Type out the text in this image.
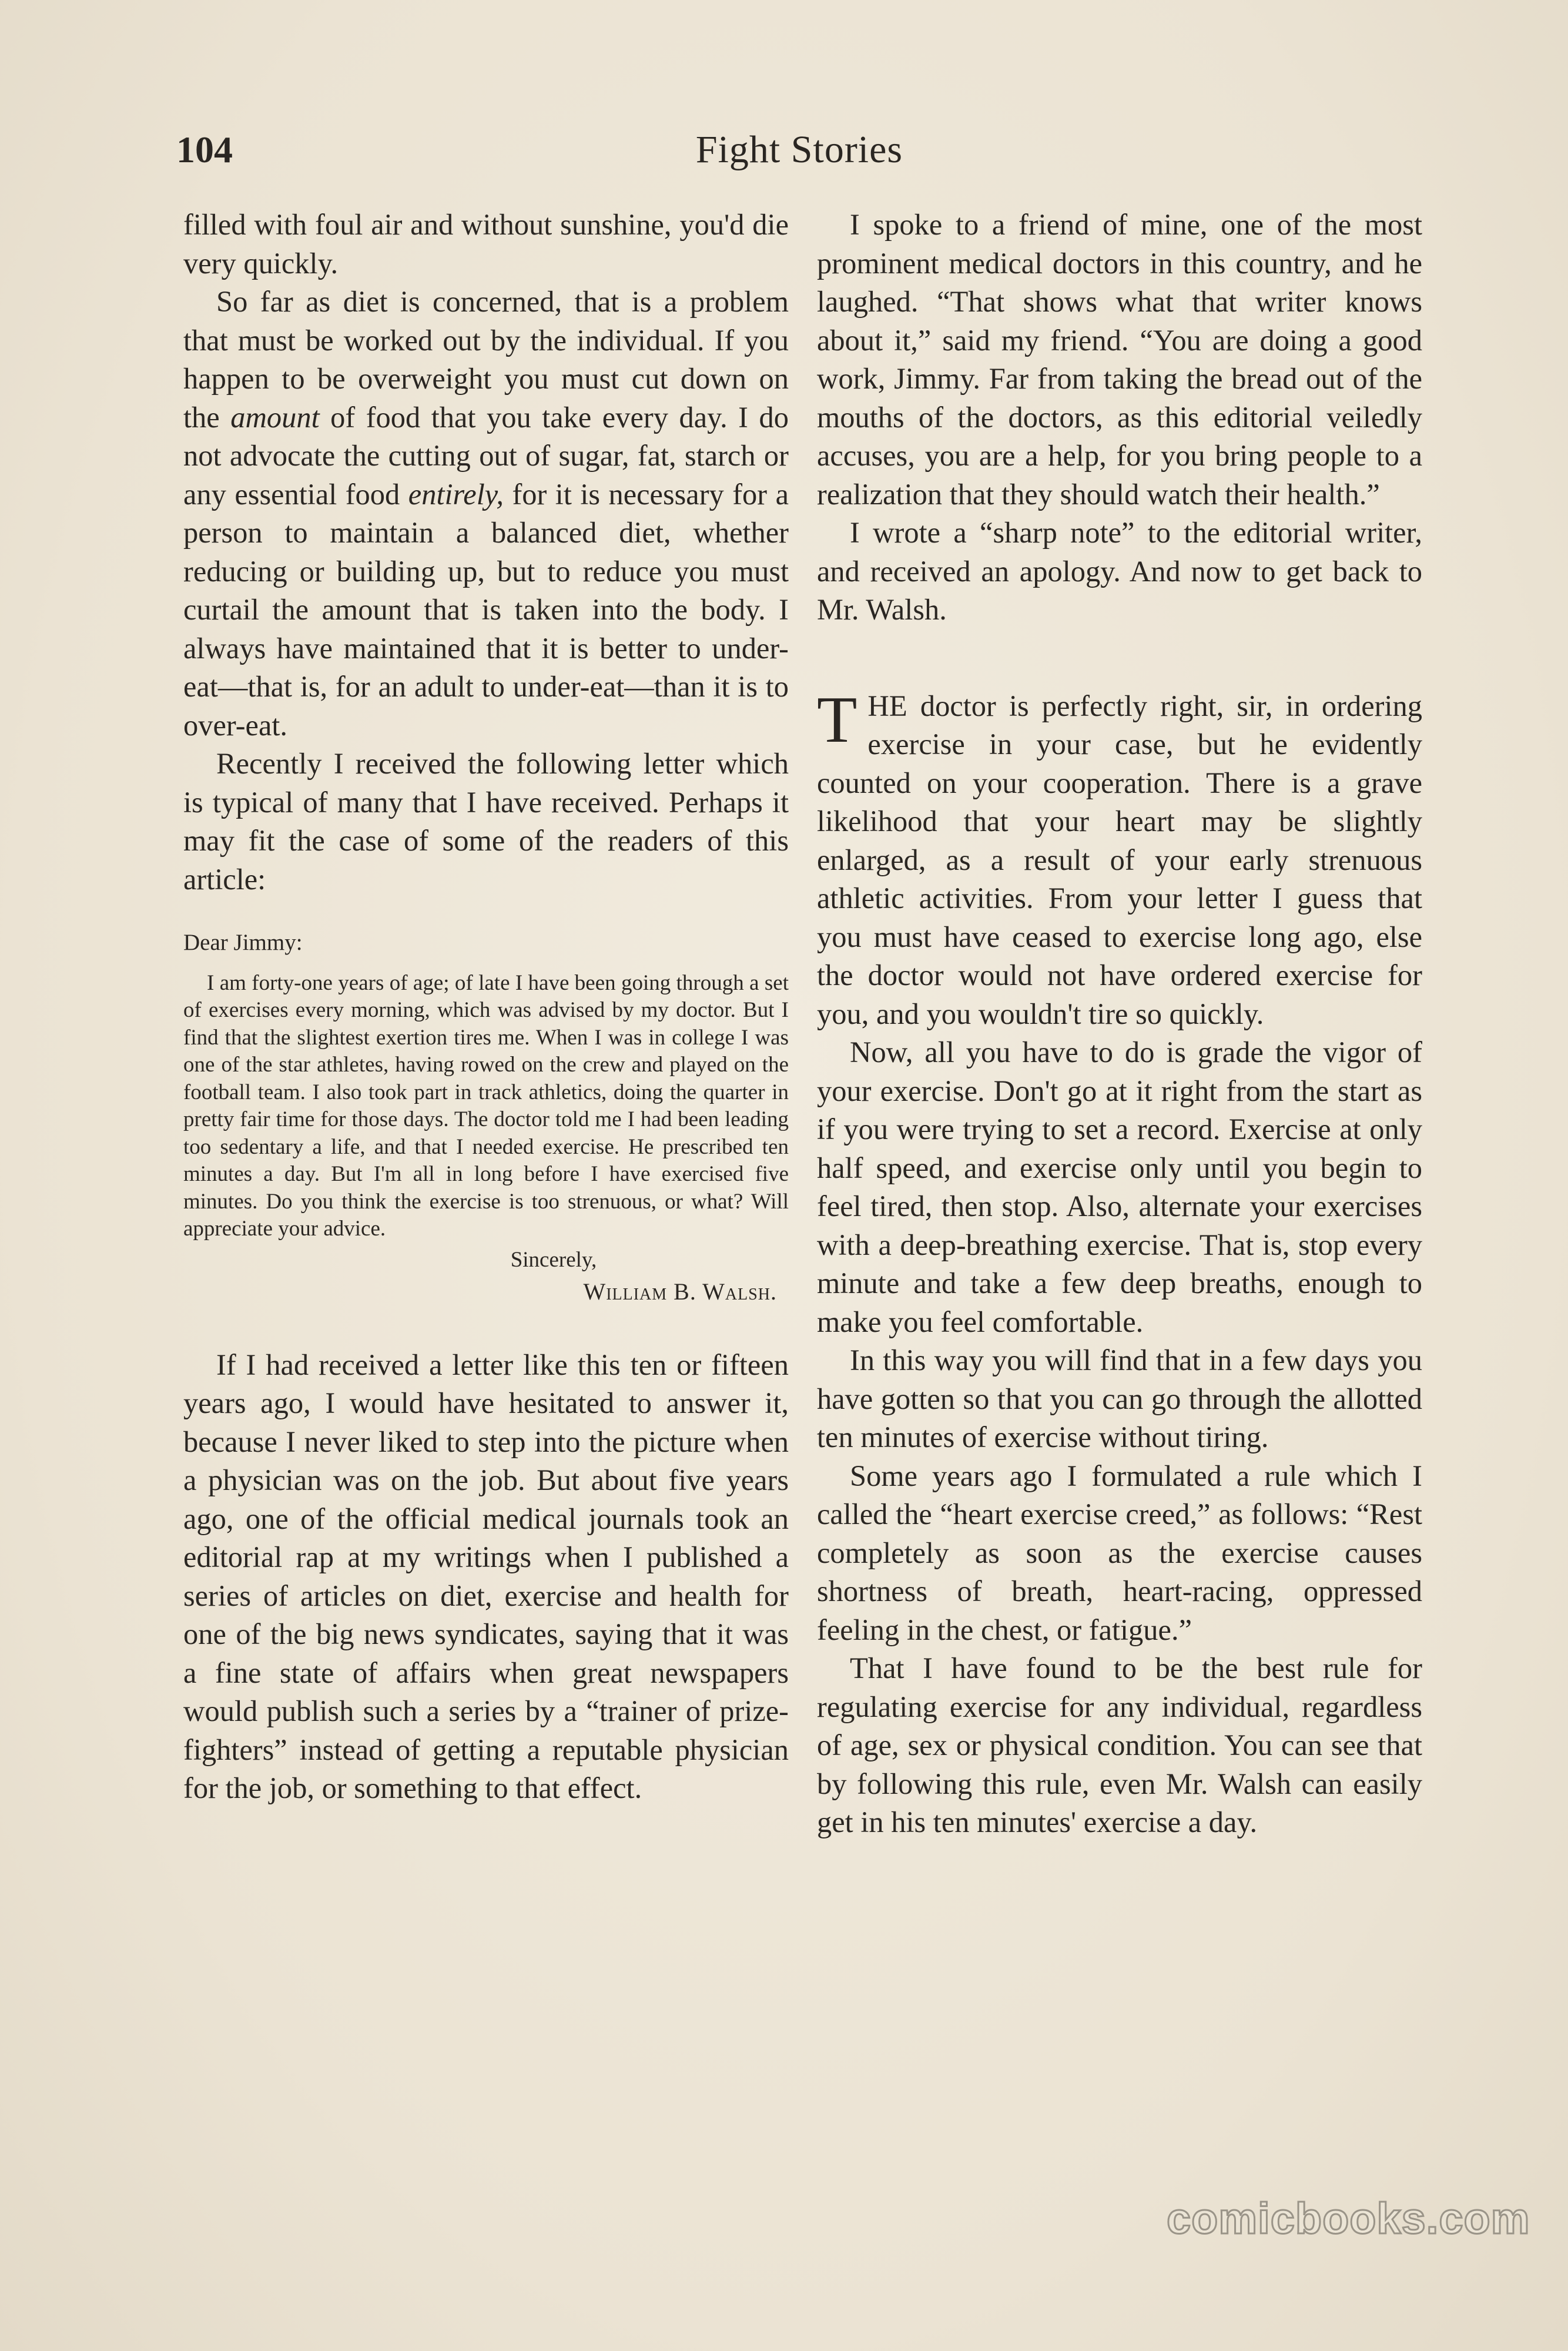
104	Fight Stories

filled with foul air and without sunshine, you'd die very quickly.

So far as diet is concerned, that is a problem that must be worked out by the individual. If you happen to be overweight you must cut down on the amount of food that you take every day. I do not advocate the cutting out of sugar, fat, starch or any essential food entirely, for it is necessary for a person to maintain a balanced diet, whether reducing or building up, but to reduce you must curtail the amount that is taken into the body. I always have maintained that it is better to under-eat—that is, for an adult to under-eat—than it is to over-eat.

Recently I received the following letter which is typical of many that I have received. Perhaps it may fit the case of some of the readers of this article:

Dear Jimmy:
I am forty-one years of age; of late I have been going through a set of exercises every morning, which was advised by my doctor. But I find that the slightest exertion tires me. When I was in college I was one of the star athletes, having rowed on the crew and played on the football team. I also took part in track athletics, doing the quarter in pretty fair time for those days. The doctor told me I had been leading too sedentary a life, and that I needed exercise. He prescribed ten minutes a day. But I'm all in long before I have exercised five minutes. Do you think the exercise is too strenuous, or what? Will appreciate your advice.
Sincerely,
William B. Walsh.

If I had received a letter like this ten or fifteen years ago, I would have hesitated to answer it, because I never liked to step into the picture when a physician was on the job. But about five years ago, one of the official medical journals took an editorial rap at my writings when I published a series of articles on diet, exercise and health for one of the big news syndicates, saying that it was a fine state of affairs when great newspapers would publish such a series by a “trainer of prize-fighters” instead of getting a reputable physician for the job, or something to that effect.

I spoke to a friend of mine, one of the most prominent medical doctors in this country, and he laughed. “That shows what that writer knows about it,” said my friend. “You are doing a good work, Jimmy. Far from taking the bread out of the mouths of the doctors, as this editorial veiledly accuses, you are a help, for you bring people to a realization that they should watch their health.”

I wrote a “sharp note” to the editorial writer, and received an apology. And now to get back to Mr. Walsh.

THE doctor is perfectly right, sir, in ordering exercise in your case, but he evidently counted on your cooperation. There is a grave likelihood that your heart may be slightly enlarged, as a result of your early strenuous athletic activities. From your letter I guess that you must have ceased to exercise long ago, else the doctor would not have ordered exercise for you, and you wouldn't tire so quickly.

Now, all you have to do is grade the vigor of your exercise. Don't go at it right from the start as if you were trying to set a record. Exercise at only half speed, and exercise only until you begin to feel tired, then stop. Also, alternate your exercises with a deep-breathing exercise. That is, stop every minute and take a few deep breaths, enough to make you feel comfortable.

In this way you will find that in a few days you have gotten so that you can go through the allotted ten minutes of exercise without tiring.

Some years ago I formulated a rule which I called the “heart exercise creed,” as follows: “Rest completely as soon as the exercise causes shortness of breath, heart-racing, oppressed feeling in the chest, or fatigue.”

That I have found to be the best rule for regulating exercise for any individual, regardless of age, sex or physical condition. You can see that by following this rule, even Mr. Walsh can easily get in his ten minutes' exercise a day.

comicbooks.com
